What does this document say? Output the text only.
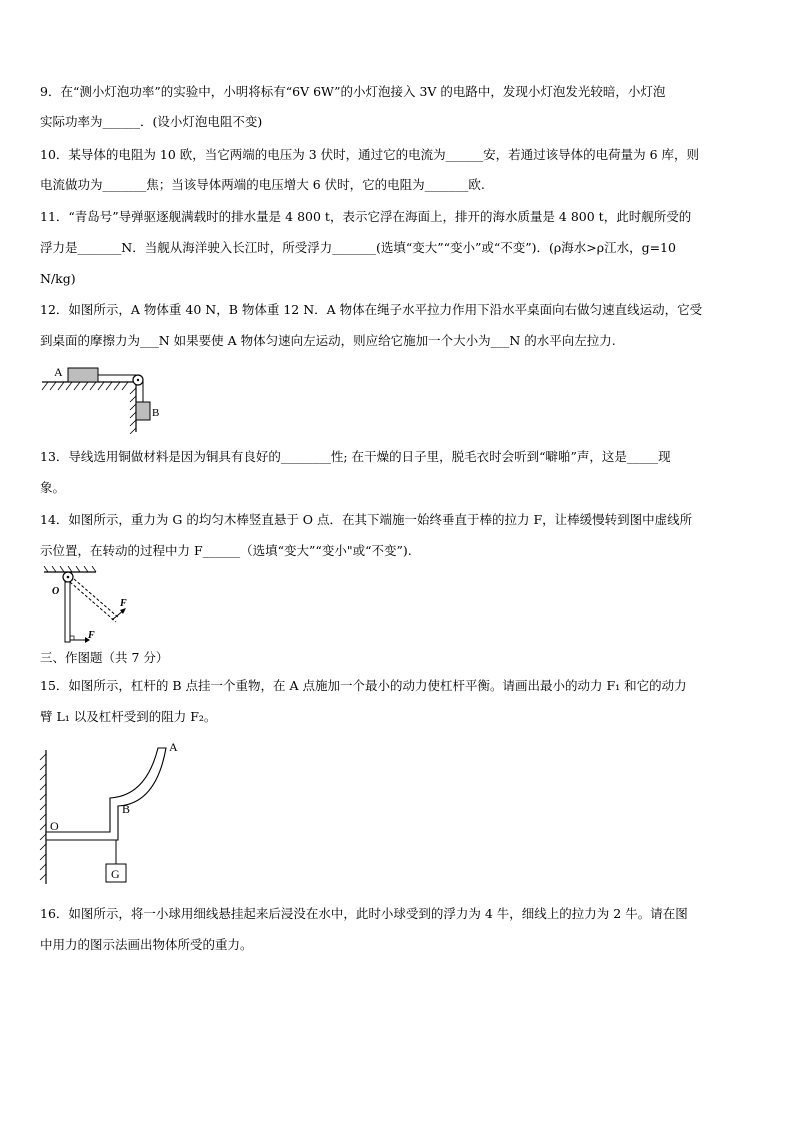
9．在“测小灯泡功率”的实验中，小明将标有“6V 6W”的小灯泡接入 3V 的电路中，发现小灯泡发光较暗，小灯泡
实际功率为______．(设小灯泡电阻不变)
10．某导体的电阻为 10 欧，当它两端的电压为 3 伏时，通过它的电流为______安，若通过该导体的电荷量为 6 库，则
电流做功为_______焦；当该导体两端的电压增大 6 伏时，它的电阻为_______欧.
11．“青岛号”导弹驱逐舰满载时的排水量是 4 800 t，表示它浮在海面上，排开的海水质量是 4 800 t，此时舰所受的
浮力是_______N．当舰从海洋驶入长江时，所受浮力_______(选填“变大”“变小”或“不变”)．(ρ海水>ρ江水，g=10
N/kg)
12．如图所示，A 物体重 40 N，B 物体重 12 N．A 物体在绳子水平拉力作用下沿水平桌面向右做匀速直线运动，它受
到桌面的摩擦力为___N 如果要使 A 物体匀速向左运动，则应给它施加一个大小为___N 的水平向左拉力.
A
B
13．导线选用铜做材料是因为铜具有良好的________性; 在干燥的日子里，脱毛衣时会听到“噼啪”声，这是_____现
象。
14．如图所示，重力为 G 的均匀木棒竖直悬于 O 点．在其下端施一始终垂直于棒的拉力 F，让棒缓慢转到图中虚线所
示位置，在转动的过程中力 F______（选填“变大”“变小"或“不变”).
O
F
F
三、作图题（共 7 分）
15．如图所示，杠杆的 B 点挂一个重物，在 A 点施加一个最小的动力使杠杆平衡。请画出最小的动力 F₁ 和它的动力
臂 L₁ 以及杠杆受到的阻力 F₂。
O
B
A
G
16．如图所示，将一小球用细线悬挂起来后浸没在水中，此时小球受到的浮力为 4 牛，细线上的拉力为 2 牛。请在图
中用力的图示法画出物体所受的重力。
